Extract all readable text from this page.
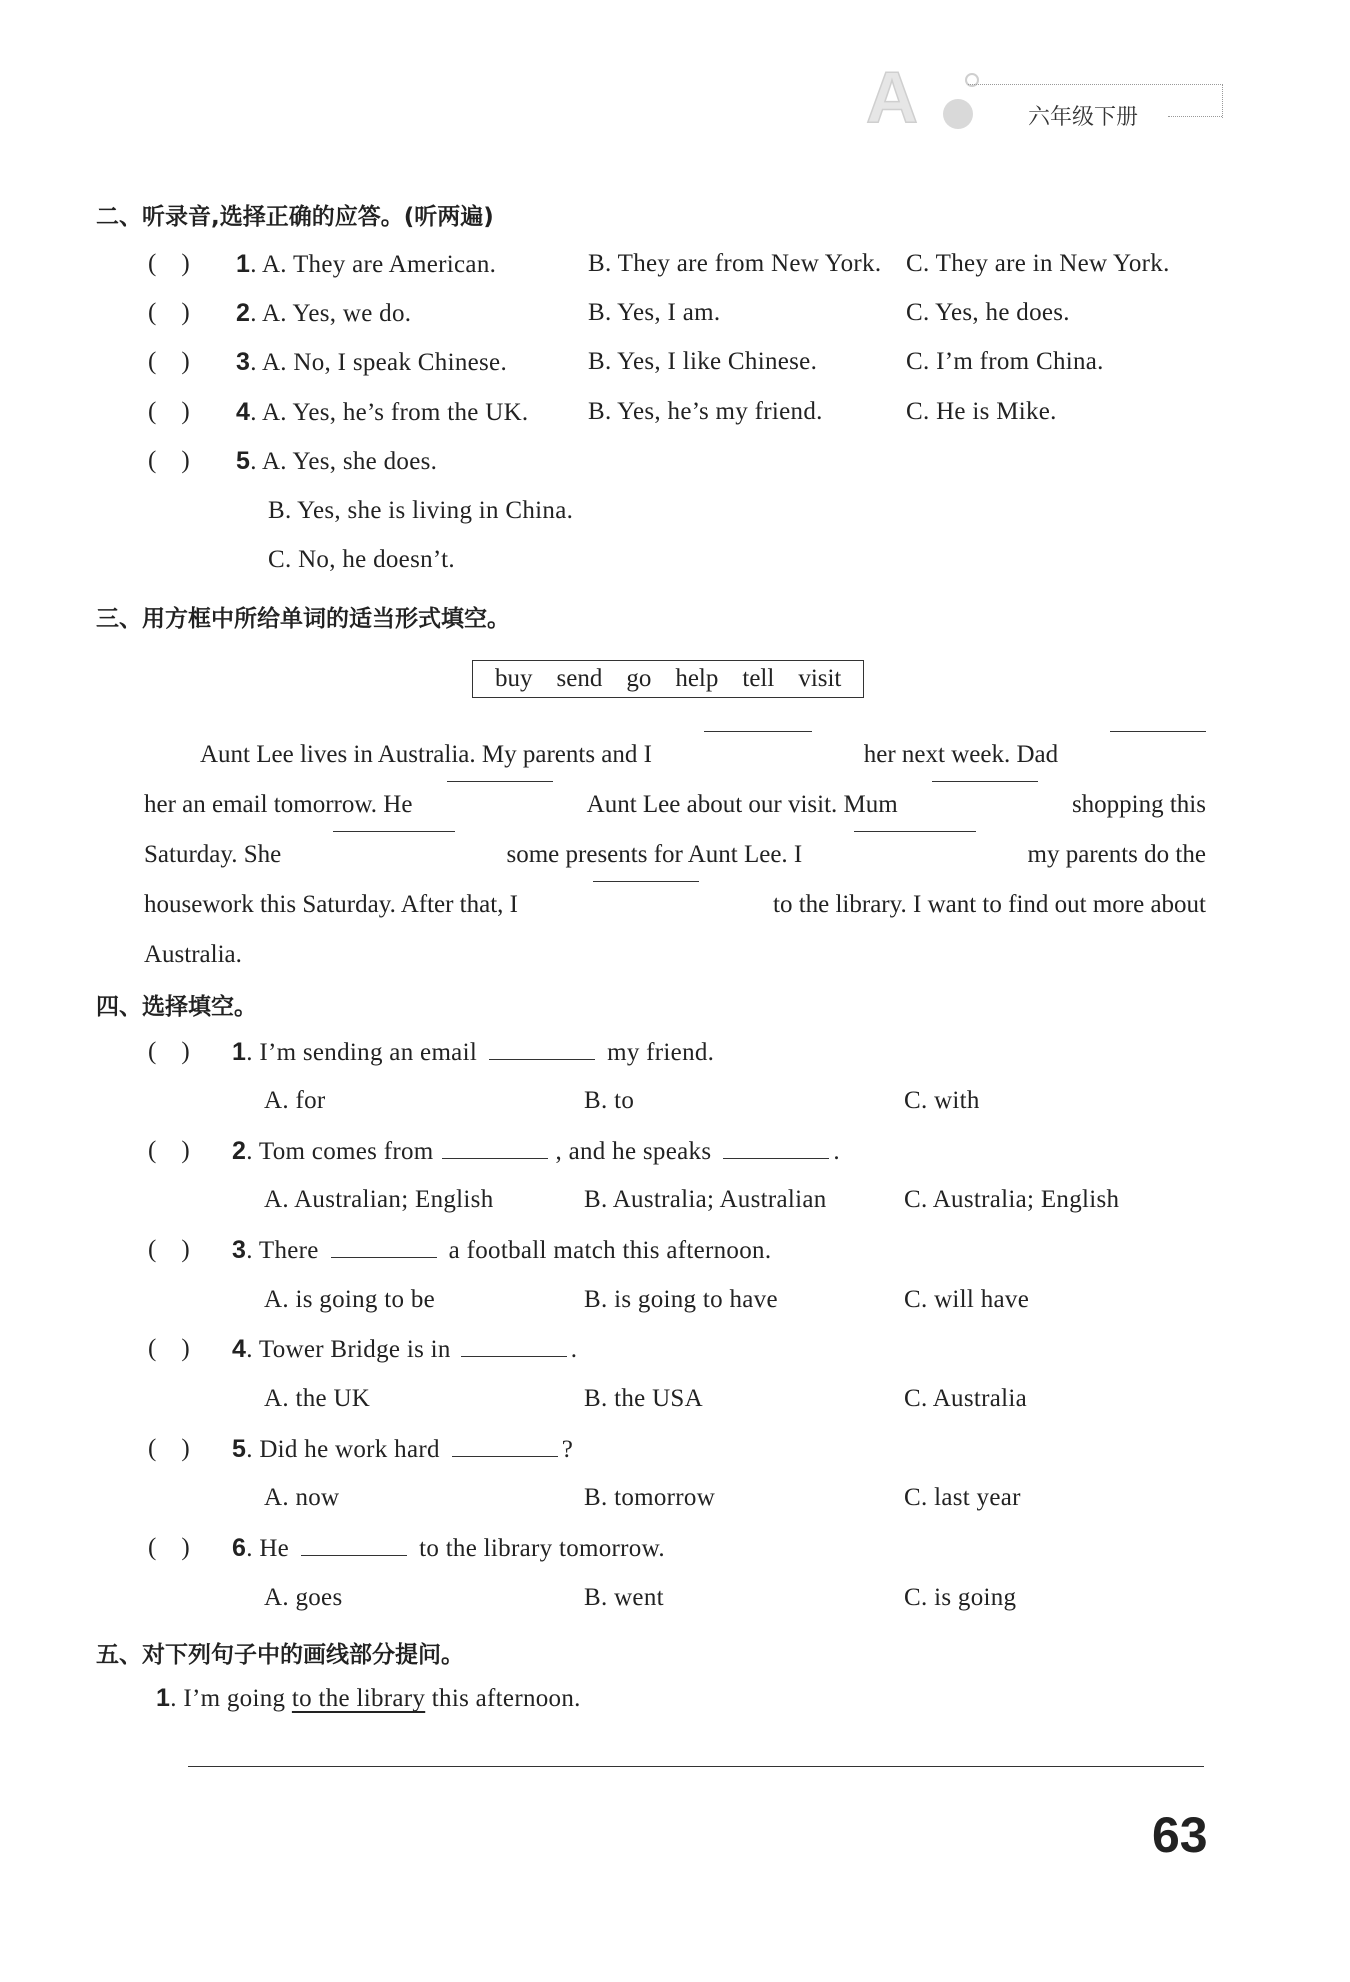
A	六年级下册
二、听录音,选择正确的应答。(听两遍)
(    ) 1. A. They are American.	B. They are from New York. C. They are in New York.
(    ) 2. A. Yes, we do.	B. Yes, I am.	C. Yes, he does.
(    ) 3. A. No, I speak Chinese.	B. Yes, I like Chinese.	C. I’m from China.
(    ) 4. A. Yes, he’s from the UK. B. Yes, he’s my friend.	C. He is Mike.
(    ) 5. A. Yes, she does.
B. Yes, she is living in China.
C. No, he doesn’t.
三、用方框中所给单词的适当形式填空。
buy send go help tell visit
Aunt Lee lives in Australia. My parents and I	her next week. Dad
her an email tomorrow. He	Aunt Lee about our visit. Mum	shopping this
Saturday. She	some presents for Aunt Lee. I	my parents do the
housework this Saturday. After that, I	to the library. I want to find out more about
Australia.
四、选择填空。
(    ) 1. I’m sending an email	my friend.
A. for	B. to	C. with
(    ) 2. Tom comes from	, and he speaks	.
A. Australian; English	B. Australia; Australian	C. Australia; English
(    ) 3. There	a football match this afternoon.
A. is going to be	B. is going to have	C. will have
(    ) 4. Tower Bridge is in	.
A. the UK	B. the USA	C. Australia
(    ) 5. Did he work hard	?
A. now	B. tomorrow	C. last year
(    ) 6. He	to the library tomorrow.
A. goes	B. went	C. is going
五、对下列句子中的画线部分提问。
1. I’m going to the library this afternoon.
63
